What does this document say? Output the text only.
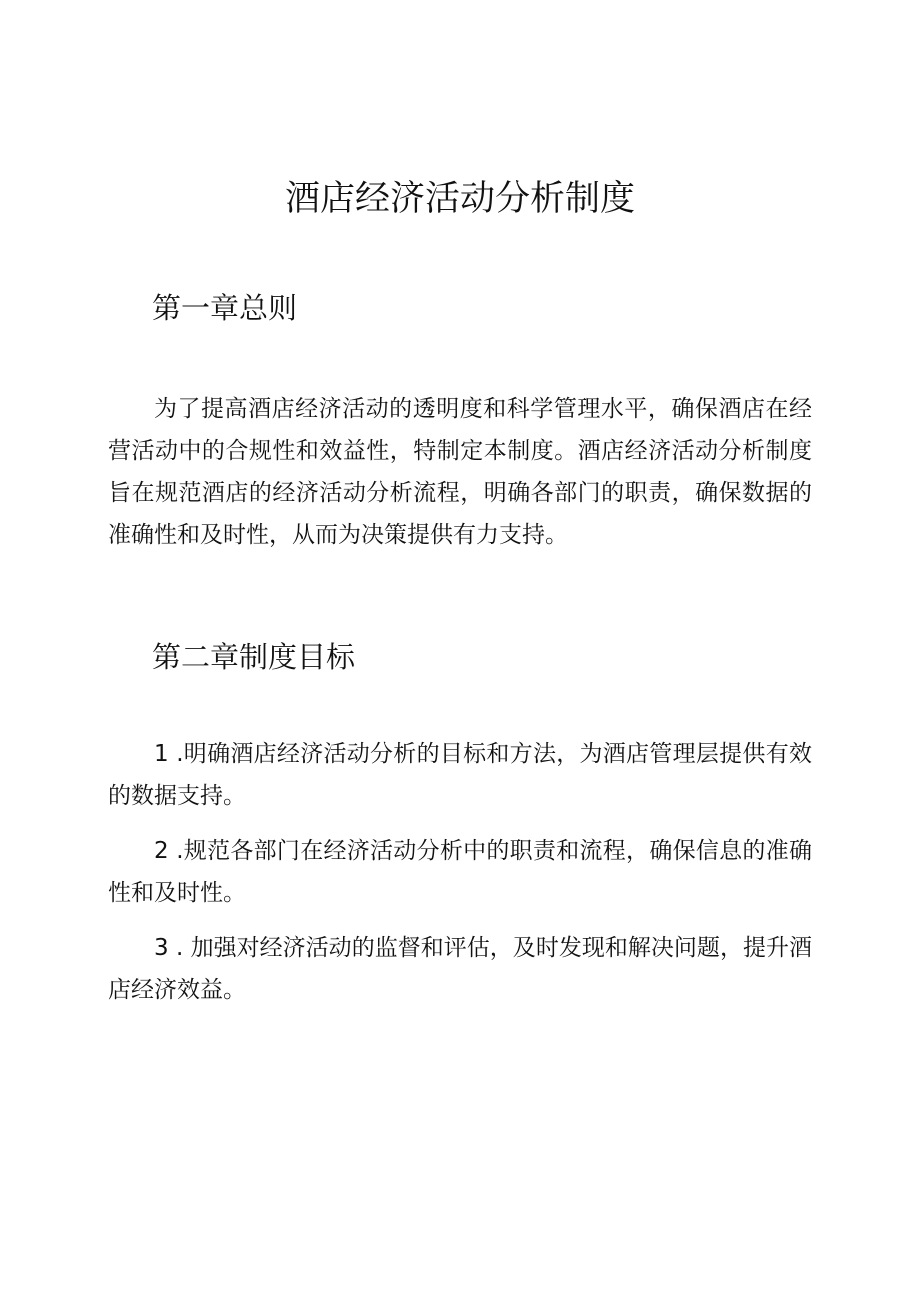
酒店经济活动分析制度
第一章总则

为了提高酒店经济活动的透明度和科学管理水平，确保酒店在经营活动中的合规性和效益性，特制定本制度。酒店经济活动分析制度旨在规范酒店的经济活动分析流程，明确各部门的职责，确保数据的准确性和及时性，从而为决策提供有力支持。

第二章制度目标

1 .明确酒店经济活动分析的目标和方法，为酒店管理层提供有效的数据支持。

2 .规范各部门在经济活动分析中的职责和流程，确保信息的准确性和及时性。

3 . 加强对经济活动的监督和评估，及时发现和解决问题，提升酒店经济效益。
